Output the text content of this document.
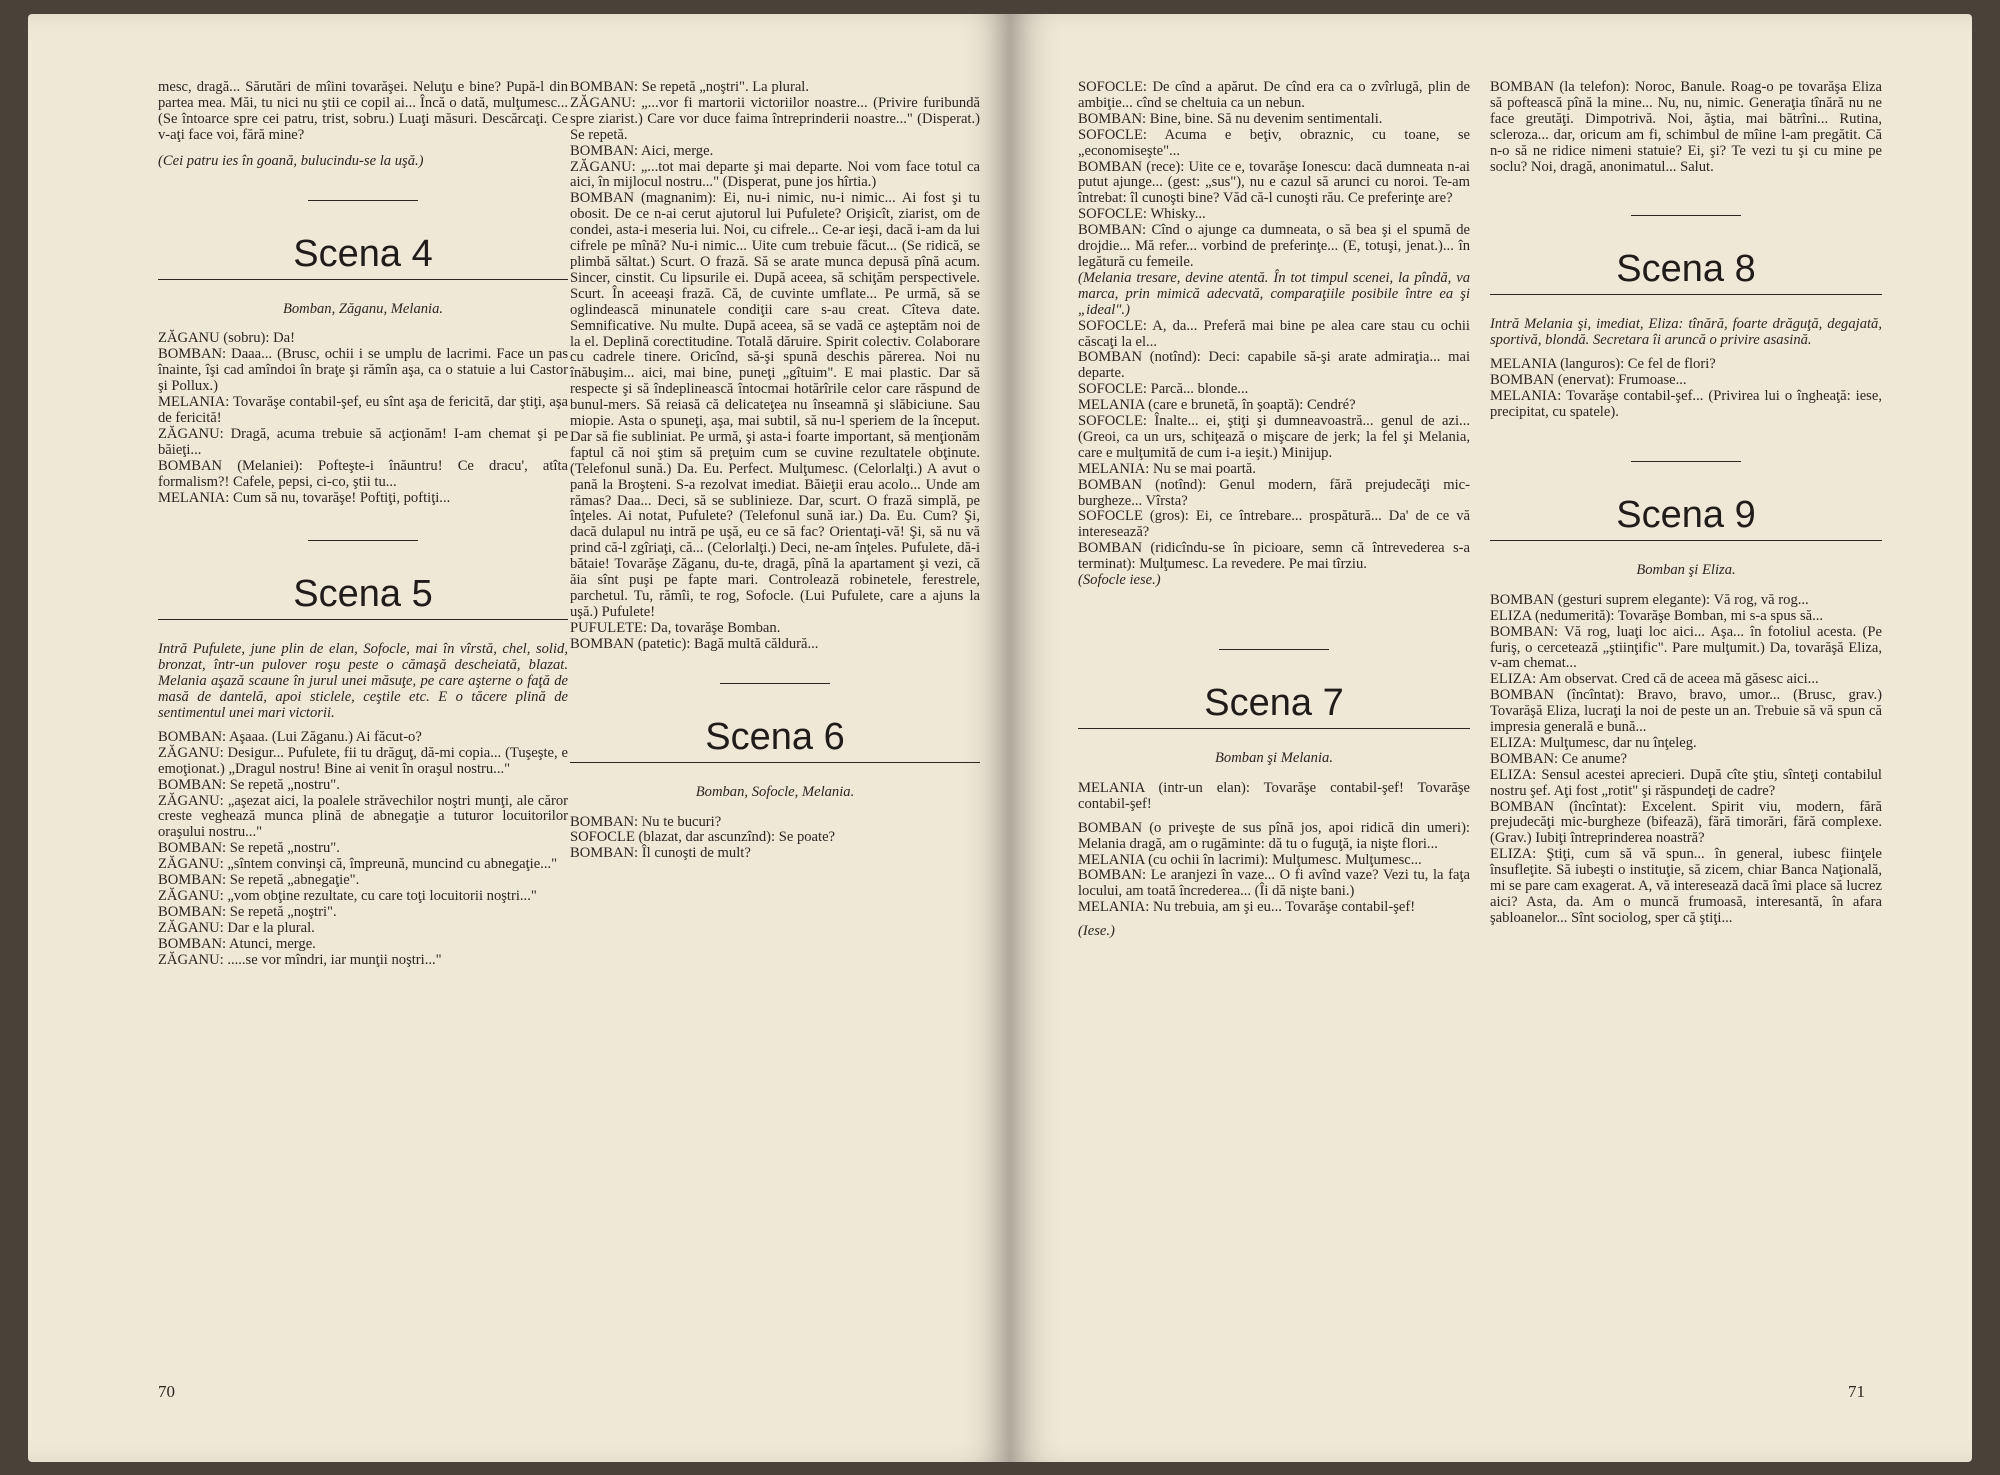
mesc, dragă... Sărutări de mîini tovarăşei. Neluţu e bine? Pupă-l din partea mea. Măi, tu nici nu ştii ce copil ai... Încă o dată, mulţumesc... (Se întoarce spre cei patru, trist, sobru.) Luaţi măsuri. Descărcaţi. Ce v-aţi face voi, fără mine?

(Cei patru ies în goană, bulucindu-se la uşă.)

Scena 4

Bomban, Zăganu, Melania.

ZĂGANU (sobru): Da!

BOMBAN: Daaa... (Brusc, ochii i se umplu de lacrimi. Face un pas înainte, îşi cad amîndoi în braţe şi rămîn aşa, ca o statuie a lui Castor şi Pollux.)

MELANIA: Tovarăşe contabil-şef, eu sînt aşa de fericită, dar ştiţi, aşa de fericită!

ZĂGANU: Dragă, acuma trebuie să acţionăm! I-am chemat şi pe băieţi...

BOMBAN (Melaniei): Pofteşte-i înăuntru! Ce dracu', atîta formalism?! Cafele, pepsi, ci-co, ştii tu...

MELANIA: Cum să nu, tovarăşe! Poftiţi, poftiţi...

Scena 5

Intră Pufulete, june plin de elan, Sofocle, mai în vîrstă, chel, solid, bronzat, într-un pulover roşu peste o cămaşă descheiată, blazat. Melania aşază scaune în jurul unei măsuţe, pe care aşterne o faţă de masă de dantelă, apoi sticlele, ceştile etc. E o tăcere plină de sentimentul unei mari victorii.

BOMBAN: Aşaaa. (Lui Zăganu.) Ai făcut-o?

ZĂGANU: Desigur... Pufulete, fii tu drăguţ, dă-mi copia... (Tuşeşte, e emoţionat.) „Dragul nostru! Bine ai venit în oraşul nostru..."

BOMBAN: Se repetă „nostru".

ZĂGANU: „aşezat aici, la poalele străvechilor noştri munţi, ale căror creste veghează munca plină de abnegaţie a tuturor locuitorilor oraşului nostru..."

BOMBAN: Se repetă „nostru".

ZĂGANU: „sîntem convinşi că, împreună, muncind cu abnegaţie..."

BOMBAN: Se repetă „abnegaţie".

ZĂGANU: „vom obţine rezultate, cu care toţi locuitorii noştri..."

BOMBAN: Se repetă „noştri".

ZĂGANU: Dar e la plural.

BOMBAN: Atunci, merge.

ZĂGANU: .....se vor mîndri, iar munţii noştri..."

BOMBAN: Se repetă „noştri". La plural.

ZĂGANU: „...vor fi martorii victoriilor noastre... (Privire furibundă spre ziarist.) Care vor duce faima întreprinderii noastre..." (Disperat.) Se repetă.

BOMBAN: Aici, merge.

ZĂGANU: „...tot mai departe şi mai departe. Noi vom face totul ca aici, în mijlocul nostru..." (Disperat, pune jos hîrtia.)

BOMBAN (magnanim): Ei, nu-i nimic, nu-i nimic... Ai fost şi tu obosit. De ce n-ai cerut ajutorul lui Pufulete? Orişicît, ziarist, om de condei, asta-i meseria lui. Noi, cu cifrele... Ce-ar ieşi, dacă i-am da lui cifrele pe mînă? Nu-i nimic... Uite cum trebuie făcut... (Se ridică, se plimbă săltat.) Scurt. O frază. Să se arate munca depusă pînă acum. Sincer, cinstit. Cu lipsurile ei. După aceea, să schiţăm perspectivele. Scurt. În aceeaşi frază. Că, de cuvinte umflate... Pe urmă, să se oglindească minunatele condiţii care s-au creat. Cîteva date. Semnificative. Nu multe. După aceea, să se vadă ce aşteptăm noi de la el. Deplină corectitudine. Totală dăruire. Spirit colectiv. Colaborare cu cadrele tinere. Oricînd, să-şi spună deschis părerea. Noi nu înăbuşim... aici, mai bine, puneţi „gîtuim". E mai plastic. Dar să respecte şi să îndeplinească întocmai hotărîrile celor care răspund de bunul-mers. Să reiasă că delicateţea nu înseamnă şi slăbiciune. Sau miopie. Asta o spuneţi, aşa, mai subtil, să nu-l speriem de la început. Dar să fie subliniat. Pe urmă, şi asta-i foarte important, să menţionăm faptul că noi ştim să preţuim cum se cuvine rezultatele obţinute. (Telefonul sună.) Da. Eu. Perfect. Mulţumesc. (Celorlalţi.) A avut o pană la Broşteni. S-a rezolvat imediat. Băieţii erau acolo... Unde am rămas? Daa... Deci, să se sublinieze. Dar, scurt. O frază simplă, pe înţeles. Ai notat, Pufulete? (Telefonul sună iar.) Da. Eu. Cum? Şi, dacă dulapul nu intră pe uşă, eu ce să fac? Orientaţi-vă! Şi, să nu vă prind că-l zgîriaţi, că... (Celorlalţi.) Deci, ne-am înţeles. Pufulete, dă-i bătaie! Tovarăşe Zăganu, du-te, dragă, pînă la apartament şi vezi, că ăia sînt puşi pe fapte mari. Controlează robinetele, ferestrele, parchetul. Tu, rămîi, te rog, Sofocle. (Lui Pufulete, care a ajuns la uşă.) Pufulete!

PUFULETE: Da, tovarăşe Bomban.

BOMBAN (patetic): Bagă multă căldură...

Scena 6

Bomban, Sofocle, Melania.

BOMBAN: Nu te bucuri?

SOFOCLE (blazat, dar ascunzînd): Se poate?

BOMBAN: Îl cunoşti de mult?

70

SOFOCLE: De cînd a apărut. De cînd era ca o zvîrlugă, plin de ambiţie... cînd se cheltuia ca un nebun.

BOMBAN: Bine, bine. Să nu devenim sentimentali.

SOFOCLE: Acuma e beţiv, obraznic, cu toane, se „economiseşte"...

BOMBAN (rece): Uite ce e, tovarăşe Ionescu: dacă dumneata n-ai putut ajunge... (gest: „sus"), nu e cazul să arunci cu noroi. Te-am întrebat: îl cunoşti bine? Văd că-l cunoşti rău. Ce preferinţe are?

SOFOCLE: Whisky...

BOMBAN: Cînd o ajunge ca dumneata, o să bea şi el spumă de drojdie... Mă refer... vorbind de preferinţe... (E, totuşi, jenat.)... în legătură cu femeile.

(Melania tresare, devine atentă. În tot timpul scenei, la pîndă, va marca, prin mimică adecvată, comparaţiile posibile între ea şi „ideal".)

SOFOCLE: A, da... Preferă mai bine pe alea care stau cu ochii căscaţi la el...

BOMBAN (notînd): Deci: capabile să-şi arate admiraţia... mai departe.

SOFOCLE: Parcă... blonde...

MELANIA (care e brunetă, în şoaptă): Cendré?

SOFOCLE: Înalte... ei, ştiţi şi dumneavoastră... genul de azi... (Greoi, ca un urs, schiţează o mişcare de jerk; la fel şi Melania, care e mulţumită de cum i-a ieşit.) Minijup.

MELANIA: Nu se mai poartă.

BOMBAN (notînd): Genul modern, fără prejudecăţi mic-burgheze... Vîrsta?

SOFOCLE (gros): Ei, ce întrebare... prospătură... Da' de ce vă interesează?

BOMBAN (ridicîndu-se în picioare, semn că întrevederea s-a terminat): Mulţumesc. La revedere. Pe mai tîrziu.

(Sofocle iese.)

Scena 7

Bomban şi Melania.

MELANIA (intr-un elan): Tovarăşe contabil-şef! Tovarăşe contabil-şef!

BOMBAN (o priveşte de sus pînă jos, apoi ridică din umeri): Melania dragă, am o rugăminte: dă tu o fuguţă, ia nişte flori...

MELANIA (cu ochii în lacrimi): Mulţumesc. Mulţumesc...

BOMBAN: Le aranjezi în vaze... O fi avînd vaze? Vezi tu, la faţa locului, am toată încrederea... (Îi dă nişte bani.)

MELANIA: Nu trebuia, am şi eu... Tovarăşe contabil-şef!

(Iese.)

BOMBAN (la telefon): Noroc, Banule. Roag-o pe tovarăşa Eliza să poftească pînă la mine... Nu, nu, nimic. Generaţia tînără nu ne face greutăţi. Dimpotrivă. Noi, ăştia, mai bătrîni... Rutina, scleroza... dar, oricum am fi, schimbul de mîine l-am pregătit. Că n-o să ne ridice nimeni statuie? Ei, şi? Te vezi tu şi cu mine pe soclu? Noi, dragă, anonimatul... Salut.

Scena 8

Intră Melania şi, imediat, Eliza: tînără, foarte drăguţă, degajată, sportivă, blondă. Secretara îi aruncă o privire asasină.

MELANIA (languros): Ce fel de flori?

BOMBAN (enervat): Frumoase...

MELANIA: Tovarăşe contabil-şef... (Privirea lui o îngheaţă: iese, precipitat, cu spatele).

Scena 9

Bomban şi Eliza.

BOMBAN (gesturi suprem elegante): Vă rog, vă rog...

ELIZA (nedumerită): Tovarăşe Bomban, mi s-a spus să...

BOMBAN: Vă rog, luaţi loc aici... Aşa... în fotoliul acesta. (Pe furiş, o cercetează „ştiinţific". Pare mulţumit.) Da, tovarăşă Eliza, v-am chemat...

ELIZA: Am observat. Cred că de aceea mă găsesc aici...

BOMBAN (încîntat): Bravo, bravo, umor... (Brusc, grav.) Tovarăşă Eliza, lucraţi la noi de peste un an. Trebuie să vă spun că impresia generală e bună...

ELIZA: Mulţumesc, dar nu înţeleg.

BOMBAN: Ce anume?

ELIZA: Sensul acestei aprecieri. După cîte ştiu, sînteţi contabilul nostru şef. Aţi fost „rotit" şi răspundeţi de cadre?

BOMBAN (încîntat): Excelent. Spirit viu, modern, fără prejudecăţi mic-burgheze (bifează), fără timorări, fără complexe. (Grav.) Iubiţi întreprinderea noastră?

ELIZA: Ştiţi, cum să vă spun... în general, iubesc fiinţele însufleţite. Să iubeşti o instituţie, să zicem, chiar Banca Naţională, mi se pare cam exagerat. A, vă interesează dacă îmi place să lucrez aici? Asta, da. Am o muncă frumoasă, interesantă, în afara şabloanelor... Sînt sociolog, sper că ştiţi...

71
